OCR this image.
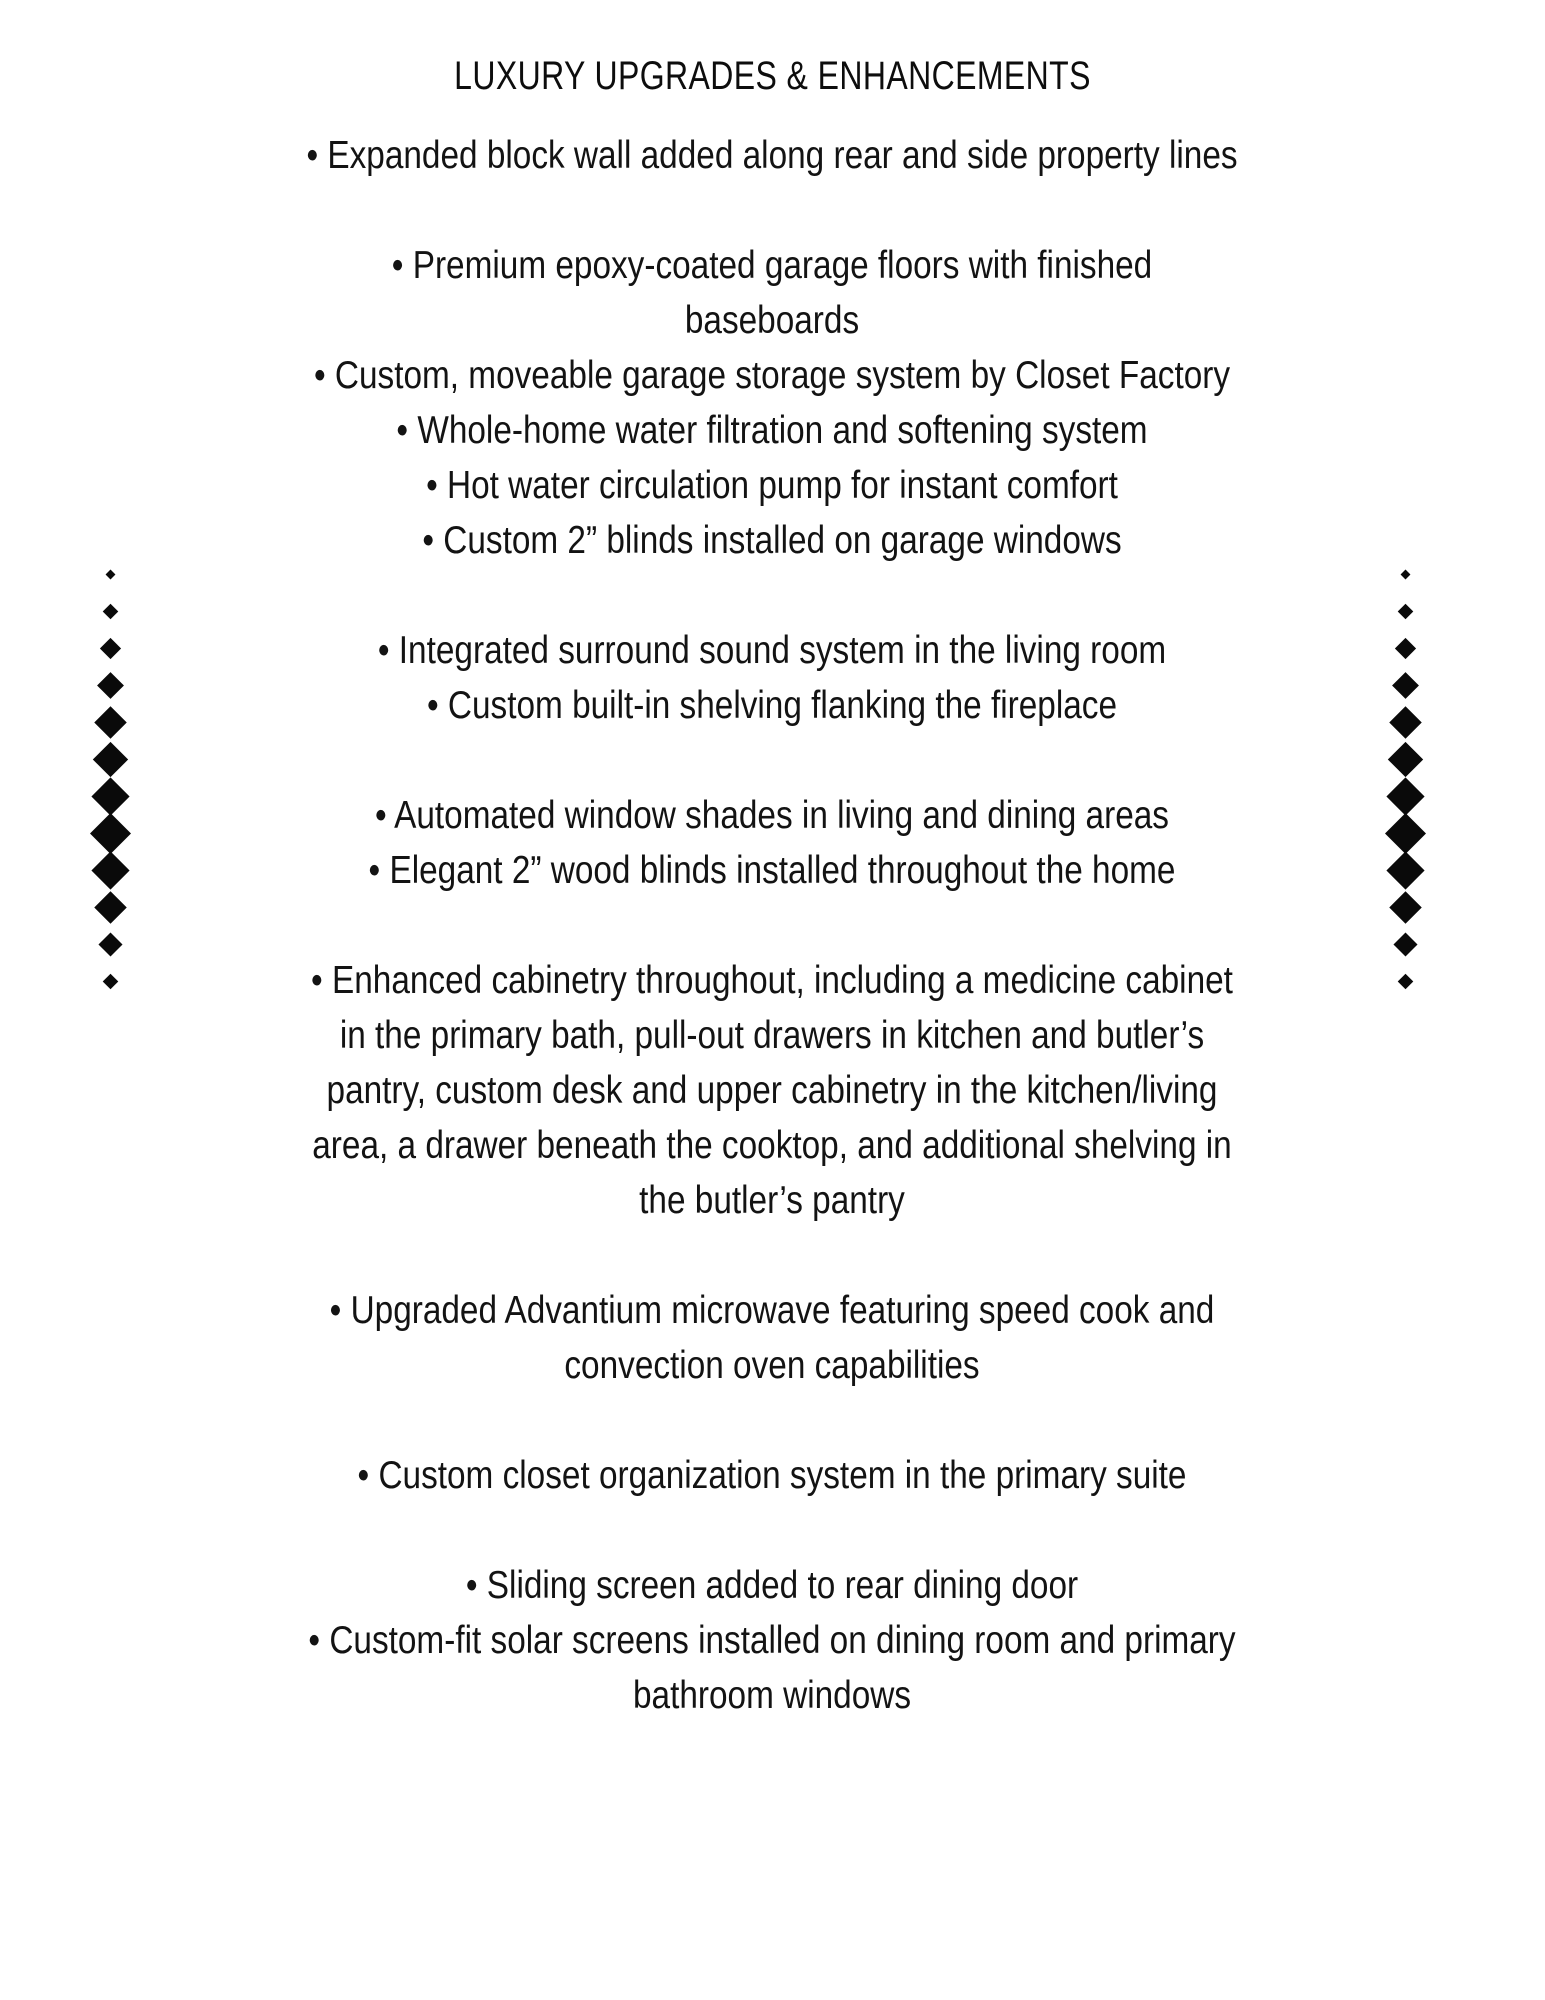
LUXURY UPGRADES & ENHANCEMENTS
• Expanded block wall added along rear and side property lines
• Premium epoxy-coated garage floors with finished baseboards
• Custom, moveable garage storage system by Closet Factory
• Whole-home water filtration and softening system
• Hot water circulation pump for instant comfort
• Custom 2” blinds installed on garage windows
• Integrated surround sound system in the living room
• Custom built-in shelving flanking the fireplace
• Automated window shades in living and dining areas
• Elegant 2” wood blinds installed throughout the home
• Enhanced cabinetry throughout, including a medicine cabinet in the primary bath, pull-out drawers in kitchen and butler’s pantry, custom desk and upper cabinetry in the kitchen/living area, a drawer beneath the cooktop, and additional shelving in the butler’s pantry
• Upgraded Advantium microwave featuring speed cook and convection oven capabilities
• Custom closet organization system in the primary suite
• Sliding screen added to rear dining door
• Custom-fit solar screens installed on dining room and primary bathroom windows
